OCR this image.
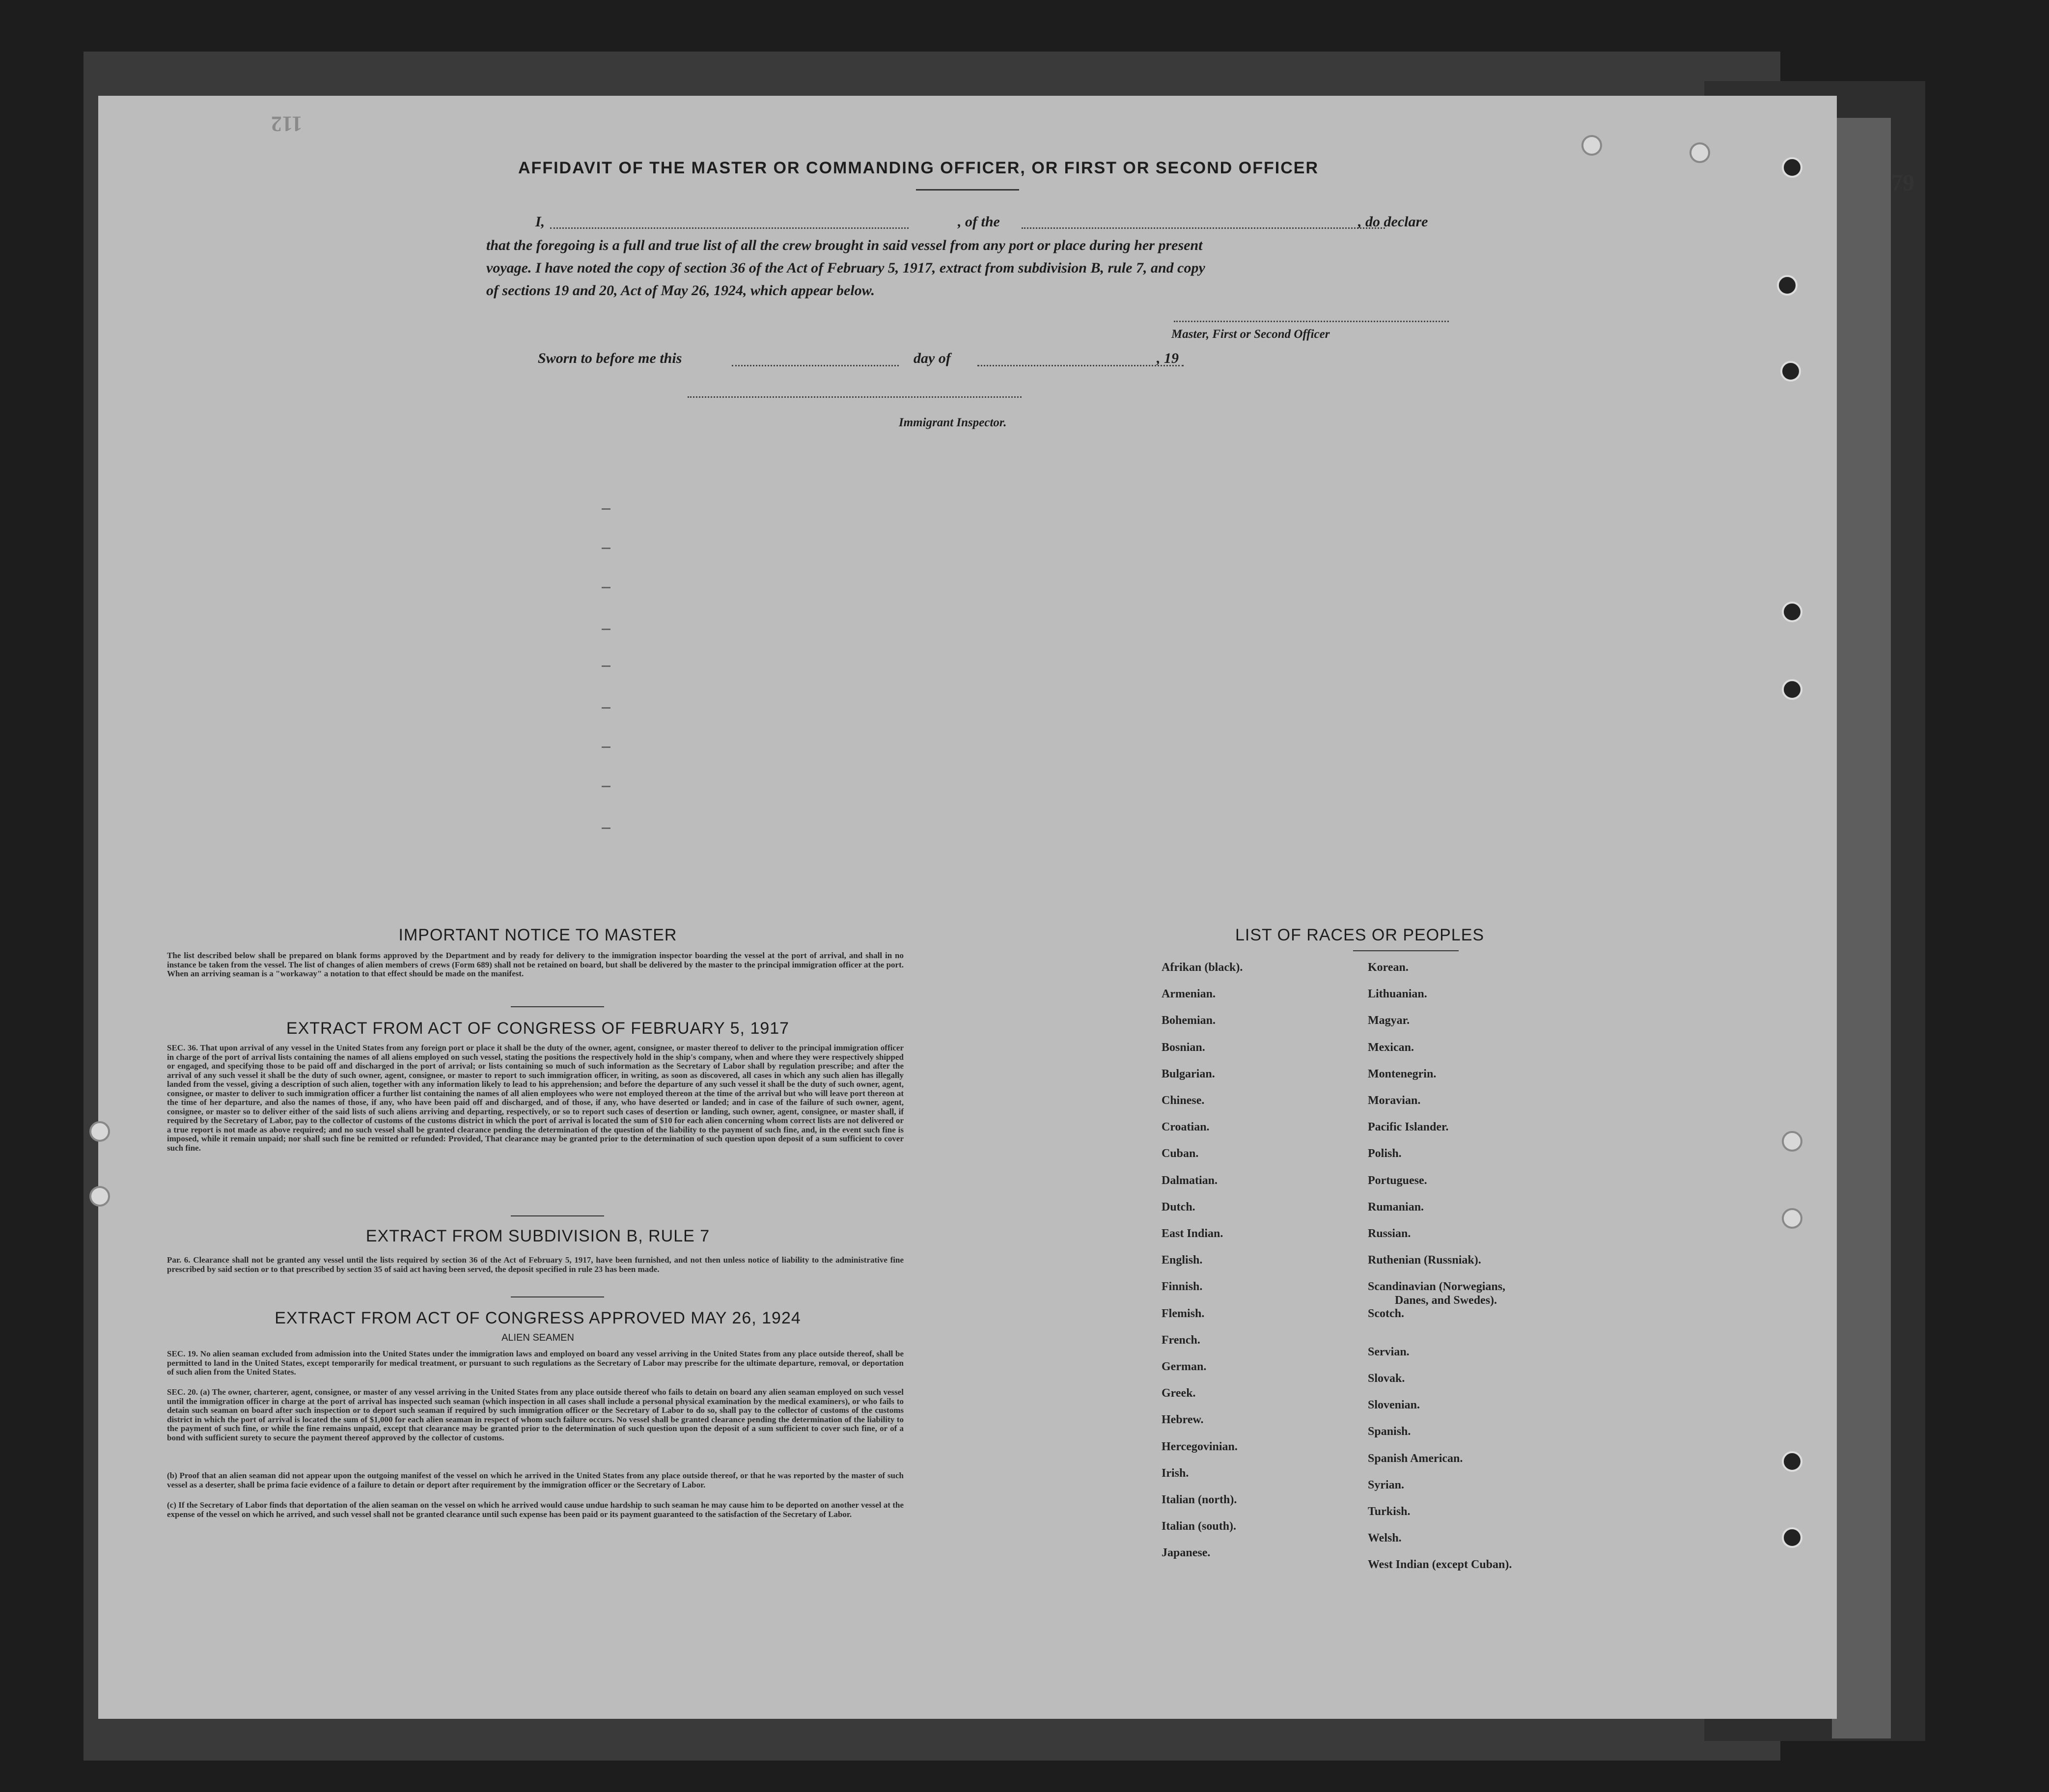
79
112
AFFIDAVIT OF THE MASTER OR COMMANDING OFFICER, OR FIRST OR SECOND OFFICER
I,	, of the	, do declare
that the foregoing is a full and true list of all the crew brought in said vessel from any port or place during her present
voyage. I have noted the copy of section 36 of the Act of February 5, 1917, extract from subdivision B, rule 7, and copy
of sections 19 and 20, Act of May 26, 1924, which appear below.
Master, First or Second Officer
Sworn to before me this	day of	, 19
Immigrant Inspector.
IMPORTANT NOTICE TO MASTER
The list described below shall be prepared on blank forms approved by the Department and by ready for delivery to the immigration inspector boarding the vessel at the port of arrival, and shall in no instance be taken from the vessel. The list of changes of alien members of crews (Form 689) shall not be retained on board, but shall be delivered by the master to the principal immigration officer at the port. When an arriving seaman is a "workaway" a notation to that effect should be made on the manifest.
EXTRACT FROM ACT OF CONGRESS OF FEBRUARY 5, 1917
SEC. 36. That upon arrival of any vessel in the United States from any foreign port or place it shall be the duty of the owner, agent, consignee, or master thereof to deliver to the principal immigration officer in charge of the port of arrival lists containing the names of all aliens employed on such vessel, stating the positions the respectively hold in the ship's company, when and where they were respectively shipped or engaged, and specifying those to be paid off and discharged in the port of arrival; or lists containing so much of such information as the Secretary of Labor shall by regulation prescribe; and after the arrival of any such vessel it shall be the duty of such owner, agent, consignee, or master to report to such immigration officer, in writing, as soon as discovered, all cases in which any such alien has illegally landed from the vessel, giving a description of such alien, together with any information likely to lead to his apprehension; and before the departure of any such vessel it shall be the duty of such owner, agent, consignee, or master to deliver to such immigration officer a further list containing the names of all alien employees who were not employed thereon at the time of the arrival but who will leave port thereon at the time of her departure, and also the names of those, if any, who have been paid off and discharged, and of those, if any, who have deserted or landed; and in case of the failure of such owner, agent, consignee, or master so to deliver either of the said lists of such aliens arriving and departing, respectively, or so to report such cases of desertion or landing, such owner, agent, consignee, or master shall, if required by the Secretary of Labor, pay to the collector of customs of the customs district in which the port of arrival is located the sum of $10 for each alien concerning whom correct lists are not delivered or a true report is not made as above required; and no such vessel shall be granted clearance pending the determination of the question of the liability to the payment of such fine, and, in the event such fine is imposed, while it remain unpaid; nor shall such fine be remitted or refunded: Provided, That clearance may be granted prior to the determination of such question upon deposit of a sum sufficient to cover such fine.
EXTRACT FROM SUBDIVISION B, RULE 7
Par. 6. Clearance shall not be granted any vessel until the lists required by section 36 of the Act of February 5, 1917, have been furnished, and not then unless notice of liability to the administrative fine prescribed by said section or to that prescribed by section 35 of said act having been served, the deposit specified in rule 23 has been made.
EXTRACT FROM ACT OF CONGRESS APPROVED MAY 26, 1924
ALIEN SEAMEN
SEC. 19. No alien seaman excluded from admission into the United States under the immigration laws and employed on board any vessel arriving in the United States from any place outside thereof, shall be permitted to land in the United States, except temporarily for medical treatment, or pursuant to such regulations as the Secretary of Labor may prescribe for the ultimate departure, removal, or deportation of such alien from the United States.
SEC. 20. (a) The owner, charterer, agent, consignee, or master of any vessel arriving in the United States from any place outside thereof who fails to detain on board any alien seaman employed on such vessel until the immigration officer in charge at the port of arrival has inspected such seaman (which inspection in all cases shall include a personal physical examination by the medical examiners), or who fails to detain such seaman on board after such inspection or to deport such seaman if required by such immigration officer or the Secretary of Labor to do so, shall pay to the collector of customs of the customs district in which the port of arrival is located the sum of $1,000 for each alien seaman in respect of whom such failure occurs. No vessel shall be granted clearance pending the determination of the liability to the payment of such fine, or while the fine remains unpaid, except that clearance may be granted prior to the determination of such question upon the deposit of a sum sufficient to cover such fine, or of a bond with sufficient surety to secure the payment thereof approved by the collector of customs.
(b) Proof that an alien seaman did not appear upon the outgoing manifest of the vessel on which he arrived in the United States from any place outside thereof, or that he was reported by the master of such vessel as a deserter, shall be prima facie evidence of a failure to detain or deport after requirement by the immigration officer or the Secretary of Labor.
(c) If the Secretary of Labor finds that deportation of the alien seaman on the vessel on which he arrived would cause undue hardship to such seaman he may cause him to be deported on another vessel at the expense of the vessel on which he arrived, and such vessel shall not be granted clearance until such expense has been paid or its payment guaranteed to the satisfaction of the Secretary of Labor.
LIST OF RACES OR PEOPLES
Afrikan (black).
Armenian.
Bohemian.
Bosnian.
Bulgarian.
Chinese.
Croatian.
Cuban.
Dalmatian.
Dutch.
East Indian.
English.
Finnish.
Flemish.
French.
German.
Greek.
Hebrew.
Hercegovinian.
Irish.
Italian (north).
Italian (south).
Japanese.
Korean.
Lithuanian.
Magyar.
Mexican.
Montenegrin.
Moravian.
Pacific Islander.
Polish.
Portuguese.
Rumanian.
Russian.
Ruthenian (Russniak).
Scandinavian (Norwegians,
Danes, and Swedes).
Scotch.
Servian.
Slovak.
Slovenian.
Spanish.
Spanish American.
Syrian.
Turkish.
Welsh.
West Indian (except Cuban).
